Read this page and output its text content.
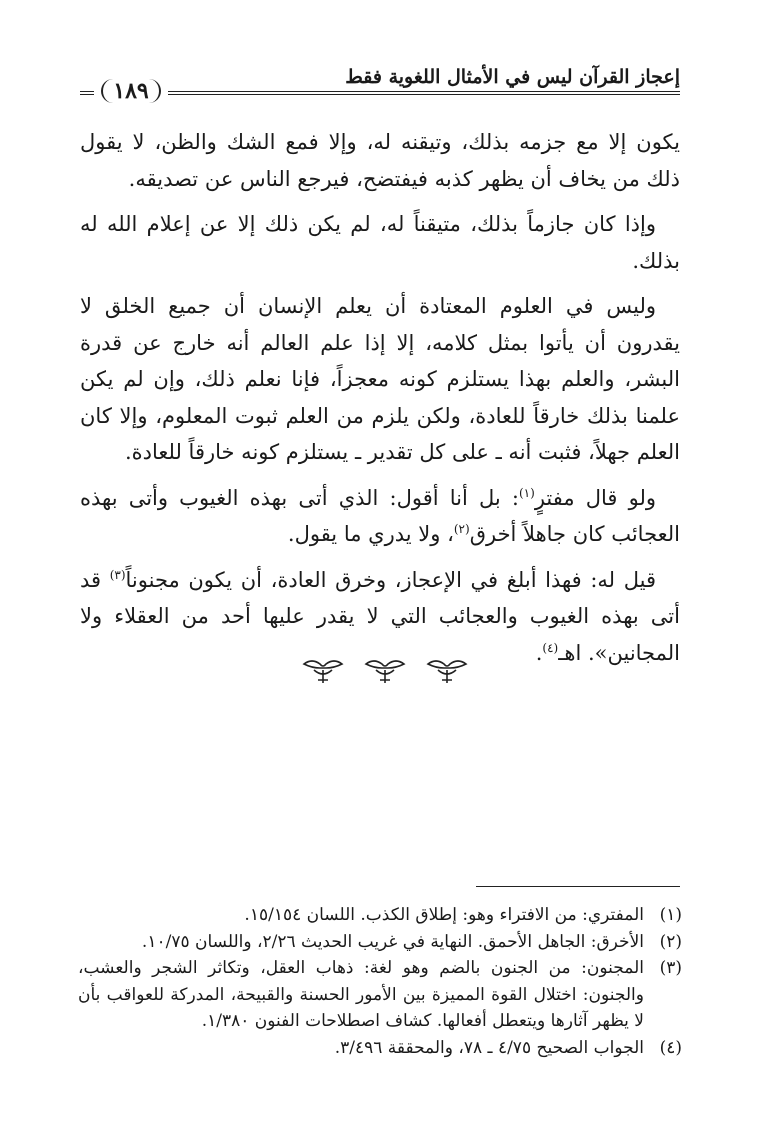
إعجاز القرآن ليس في الأمثال اللغوية فقط
١٨٩

يكون إلا مع جزمه بذلك، وتيقنه له، وإلا فمع الشك والظن، لا يقول ذلك من يخاف أن يظهر كذبه فيفتضح، فيرجع الناس عن تصديقه.

وإذا كان جازماً بذلك، متيقناً له، لم يكن ذلك إلا عن إعلام الله له بذلك.

وليس في العلوم المعتادة أن يعلم الإنسان أن جميع الخلق لا يقدرون أن يأتوا بمثل كلامه، إلا إذا علم العالم أنه خارج عن قدرة البشر، والعلم بهذا يستلزم كونه معجزاً، فإنا نعلم ذلك، وإن لم يكن علمنا بذلك خارقاً للعادة، ولكن يلزم من العلم ثبوت المعلوم، وإلا كان العلم جهلاً، فثبت أنه ـ على كل تقدير ـ يستلزم كونه خارقاً للعادة.

ولو قال مفترٍ$^{(١)}$: بل أنا أقول: الذي أتى بهذه الغيوب وأتى بهذه العجائب كان جاهلاً أخرق$^{(٢)}$، ولا يدري ما يقول.

قيل له: فهذا أبلغ في الإعجاز، وخرق العادة، أن يكون مجنوناً$^{(٣)}$ قد أتى بهذه الغيوب والعجائب التي لا يقدر عليها أحد من العقلاء ولا المجانين». اهـ$^{(٤)}$.

(١)
المفتري: من الافتراء وهو: إطلاق الكذب. اللسان ١٥/١٥٤.
(٢)
الأخرق: الجاهل الأحمق. النهاية في غريب الحديث ٢/٢٦، واللسان ١٠/٧٥.
(٣)
المجنون: من الجنون بالضم وهو لغة: ذهاب العقل، وتكاثر الشجر والعشب، والجنون: اختلال القوة المميزة بين الأمور الحسنة والقبيحة، المدركة للعواقب بأن لا يظهر آثارها ويتعطل أفعالها. كشاف اصطلاحات الفنون ١/٣٨٠.
(٤)
الجواب الصحيح ٤/٧٥ ـ ٧٨، والمحققة ٣/٤٩٦.
